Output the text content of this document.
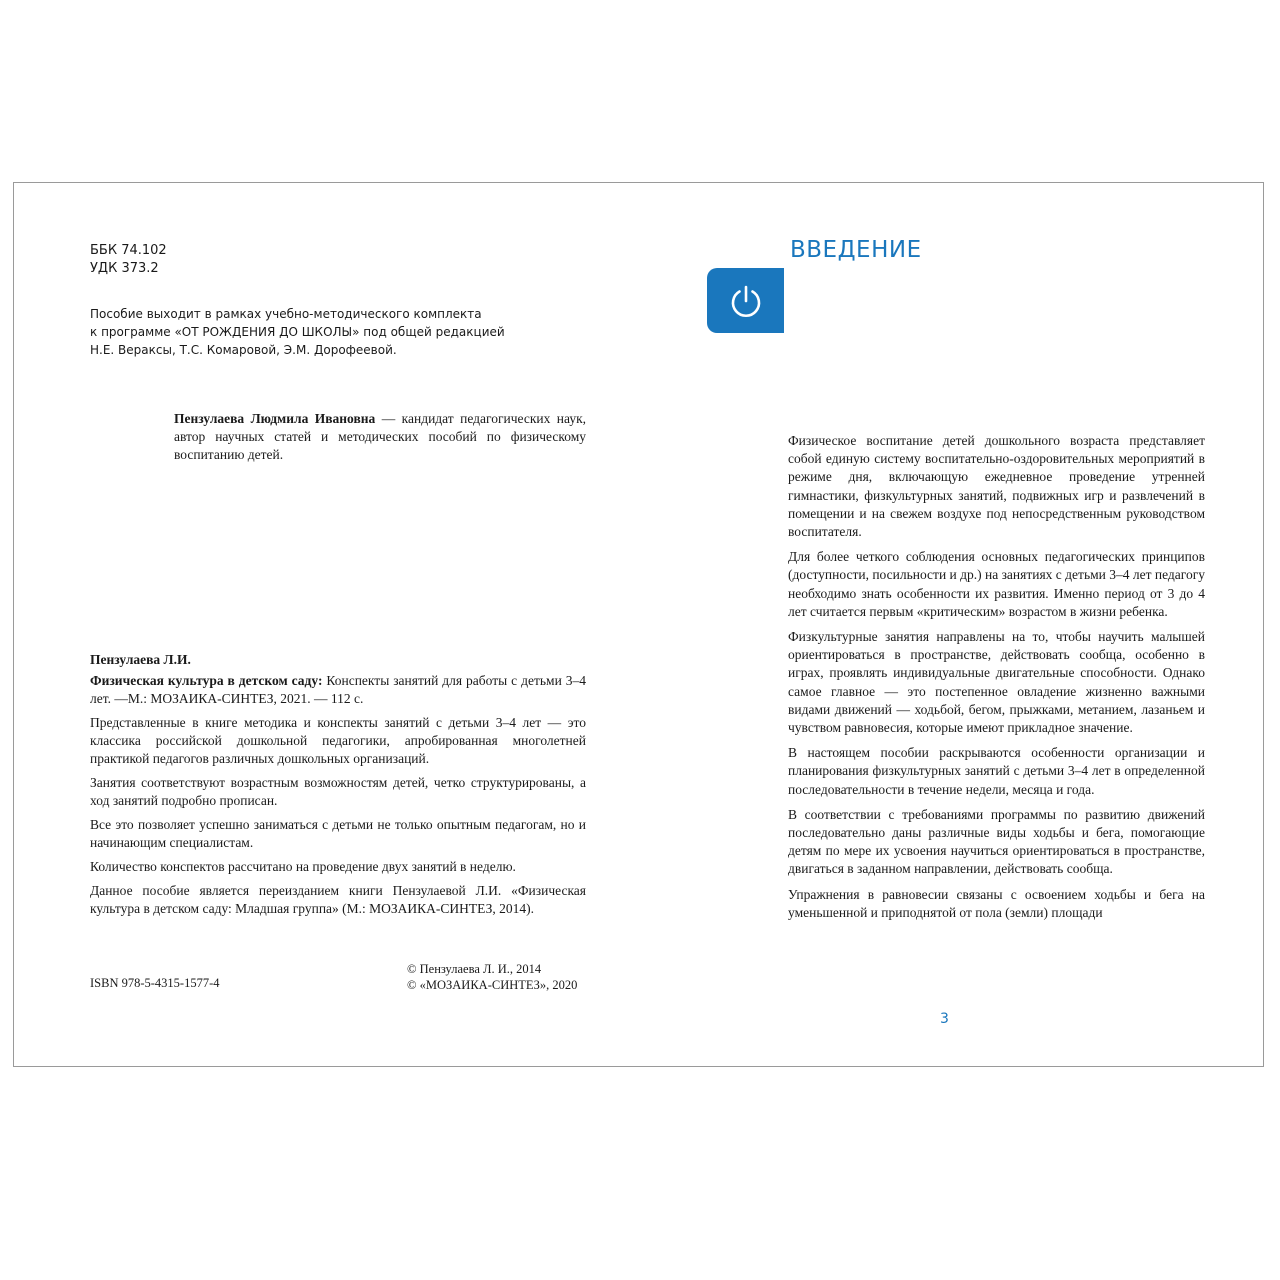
ББК 74.102

УДК 373.2

Пособие выходит в рамках учебно-методического комплекта

к программе «ОТ РОЖДЕНИЯ ДО ШКОЛЫ» под общей редакцией

Н.Е. Вераксы, Т.С. Комаровой, Э.М. Дорофеевой.

Пензулаева Людмила Ивановна — кандидат педагогических наук, автор научных статей и методических пособий по физическому воспитанию детей.

Пензулаева Л.И.

Физическая культура в детском саду: Конспекты занятий для работы с детьми 3–4 лет. —М.: МОЗАИКА-СИНТЕЗ, 2021. — 112 с.

Представленные в книге методика и конспекты занятий с детьми 3–4 лет — это классика российской дошкольной педагогики, апробированная многолетней практикой педагогов различных дошкольных организаций.

Занятия соответствуют возрастным возможностям детей, четко структурированы, а ход занятий подробно прописан.

Все это позволяет успешно заниматься с детьми не только опытным педагогам, но и начинающим специалистам.

Количество конспектов рассчитано на проведение двух занятий в неделю.

Данное пособие является переизданием книги Пензулаевой Л.И. «Физическая культура в детском саду: Младшая группа» (М.: МОЗАИКА-СИНТЕЗ, 2014).

ISBN 978-5-4315-1577-4

© Пензулаева Л. И., 2014

© «МОЗАИКА-СИНТЕЗ», 2020

ВВЕДЕНИЕ

Физическое воспитание детей дошкольного возраста представляет собой единую систему воспитательно-оздоровительных мероприятий в режиме дня, включающую ежедневное проведение утренней гимнастики, физкультурных занятий, подвижных игр и развлечений в помещении и на свежем воздухе под непосредственным руководством воспитателя.

Для более четкого соблюдения основных педагогических принципов (доступности, посильности и др.) на занятиях с детьми 3–4 лет педагогу необходимо знать особенности их развития. Именно период от 3 до 4 лет считается первым «критическим» возрастом в жизни ребенка.

Физкультурные занятия направлены на то, чтобы научить малышей ориентироваться в пространстве, действовать сообща, особенно в играх, проявлять индивидуальные двигательные способности. Однако самое главное — это постепенное овладение жизненно важными видами движений — ходьбой, бегом, прыжками, метанием, лазаньем и чувством равновесия, которые имеют прикладное значение.

В настоящем пособии раскрываются особенности организации и планирования физкультурных занятий с детьми 3–4 лет в определенной последовательности в течение недели, месяца и года.

В соответствии с требованиями программы по развитию движений последовательно даны различные виды ходьбы и бега, помогающие детям по мере их усвоения научиться ориентироваться в пространстве, двигаться в заданном направлении, действовать сообща.

Упражнения в равновесии связаны с освоением ходьбы и бега на уменьшенной и приподнятой от пола (земли) площади

3
